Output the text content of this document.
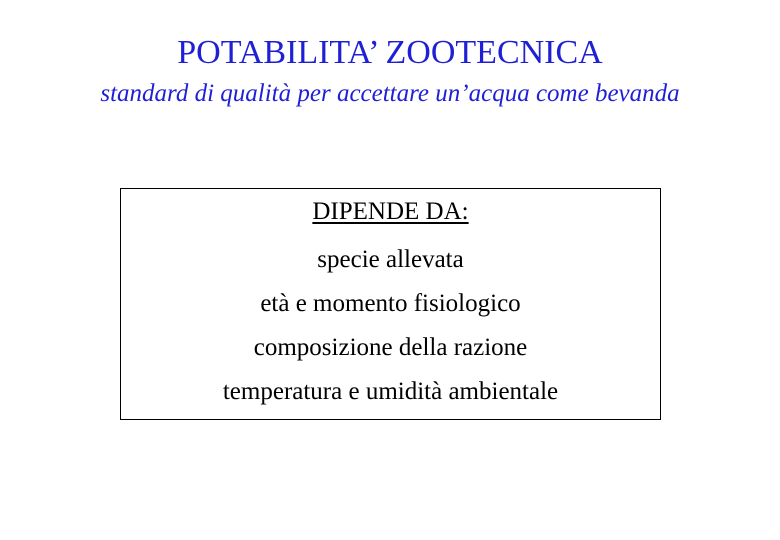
POTABILITA’ ZOOTECNICA
standard di qualità per accettare un’acqua come bevanda
DIPENDE DA:
specie allevata
età e momento fisiologico
composizione della razione
temperatura e umidità ambientale
